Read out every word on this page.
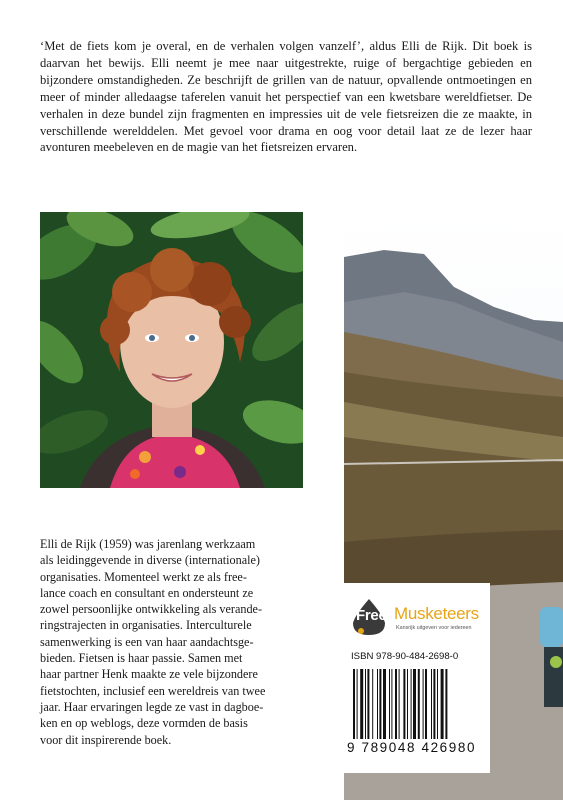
‘Met de fiets kom je overal, en de verhalen volgen vanzelf’, aldus Elli de Rijk. Dit boek is daarvan het bewijs. Elli neemt je mee naar uitgestrekte, ruige of bergachtige gebieden en bijzondere omstandigheden. Ze beschrijft de grillen van de natuur, opvallende ontmoetingen en meer of minder alledaagse taferelen vanuit het perspectief van een kwetsbare wereldfietser. De verhalen in deze bundel zijn fragmenten en impressies uit de vele fietsreizen die ze maakte, in verschillende werelddelen. Met gevoel voor drama en oog voor detail laat ze de lezer haar avonturen meebeleven en de magie van het fietsreizen ervaren.

Elli de Rijk (1959) was jarenlang werkzaam

als leidinggevende in diverse (internationale)

organisaties. Momenteel werkt ze als free-

lance coach en consultant en ondersteunt ze

zowel persoonlijke ontwikkeling als verande-

ringstrajecten in organisaties. Interculturele

samenwerking is een van haar aandachtsge-

bieden. Fietsen is haar passie. Samen met

haar partner Henk maakte ze vele bijzondere

fietstochten, inclusief een wereldreis van twee

jaar. Haar ervaringen legde ze vast in dagboe-

ken en op weblogs, deze vormden de basis

voor dit inspirerende boek.

Free Musketeers
Kansrijk uitgeven voor iedereen
ISBN 978-90-484-2698-0
9 789048 426980
